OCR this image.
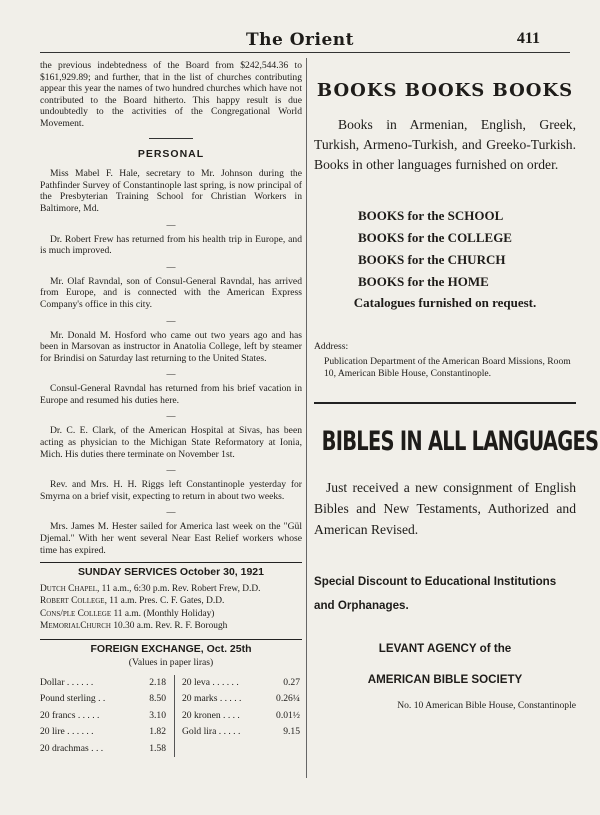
The Orient	411

the previous indebtedness of the Board from $242,544.36 to $161,929.89; and further, that in the list of churches contributing appear this year the names of two hundred churches which have not contributed to the Board hitherto. This happy result is due undoubtedly to the activities of the Congregational World Movement.

PERSONAL

Miss Mabel F. Hale, secretary to Mr. Johnson during the Pathfinder Survey of Constantinople last spring, is now principal of the Presbyterian Training School for Christian Workers in Baltimore, Md.

—

Dr. Robert Frew has returned from his health trip in Europe, and is much improved.

—

Mr. Olaf Ravndal, son of Consul-General Ravndal, has arrived from Europe, and is connected with the American Express Company's office in this city.

—

Mr. Donald M. Hosford who came out two years ago and has been in Marsovan as instructor in Anatolia College, left by steamer for Brindisi on Saturday last returning to the United States.

—

Consul-General Ravndal has returned from his brief vacation in Europe and resumed his duties here.

—

Dr. C. E. Clark, of the American Hospital at Sivas, has been acting as physician to the Michigan State Reformatory at Ionia, Mich. His duties there terminate on November 1st.

—

Rev. and Mrs. H. H. Riggs left Constantinople yesterday for Smyrna on a brief visit, expecting to return in about two weeks.

—

Mrs. James M. Hester sailed for America last week on the "Gül Djemal." With her went several Near East Relief workers whose time has expired.

SUNDAY SERVICES October 30, 1921
Dutch Chapel, 11 a.m., 6:30 p.m. Rev. Robert Frew, D.D.
Robert College, 11 a.m. Pres. C. F. Gates, D.D.
Cons/ple College 11 a.m. (Monthly Holiday)
MemorialChurch 10.30 a.m. Rev. R. F. Borough
FOREIGN EXCHANGE, Oct. 25th
(Values in paper liras)
Dollar . . . . . .	2.18
Pound sterling . .	8.50
20 francs . . . . .	3.10
20 lire . . . . . .	1.82
20 drachmas . . .	1.58
20 leva . . . . . .	0.27
20 marks . . . . .	0.26¼
20 kronen . . . .	0.01½
Gold lira . . . . .	9.15
BOOKS BOOKS BOOKS

Books in Armenian, English, Greek, Turkish, Armeno-Turkish, and Greeko-Turkish. Books in other languages furnished on order.

BOOKS for the SCHOOL
BOOKS for the COLLEGE
BOOKS for the CHURCH
BOOKS for the HOME
Catalogues furnished on request.
Address:
Publication Department of the American Board Missions, Room 10, American Bible House, Constantinople.
BIBLES IN ALL LANGUAGES

Just received a new consignment of English Bibles and New Testaments, Authorized and American Revised.

Special Discount to Educational Institutions and Orphanages.
LEVANT AGENCY of the
AMERICAN BIBLE SOCIETY
No. 10 American Bible House, Constantinople
